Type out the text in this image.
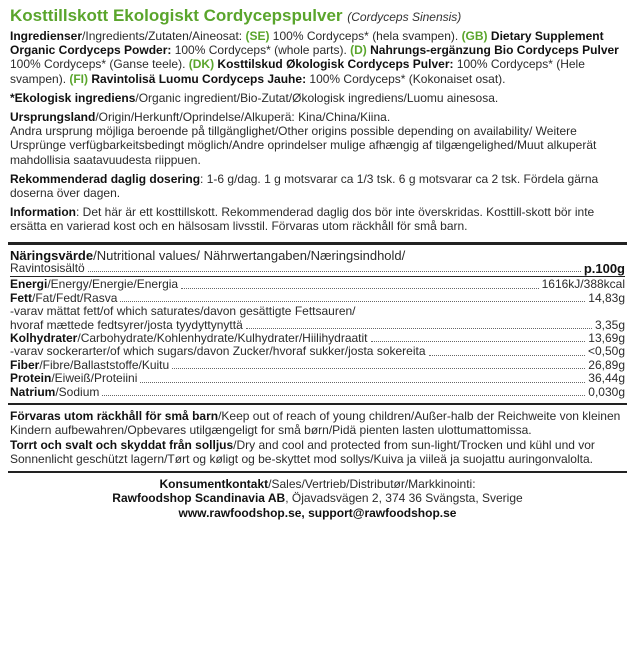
Kosttillskott Ekologiskt Cordycepspulver (Cordyceps Sinensis)

Ingredienser/Ingredients/Zutaten/Aineosat: (SE) 100% Cordyceps* (hela svampen). (GB) Dietary Supplement Organic Cordyceps Powder: 100% Cordyceps* (whole parts). (D) Nahrungs-ergänzung Bio Cordyceps Pulver 100% Cordyceps* (Ganse teele). (DK) Kosttilskud Økologisk Cordyceps Pulver: 100% Cordyceps* (Hele svampen). (FI) Ravintolisä Luomu Cordyceps Jauhe: 100% Cordyceps* (Kokonaiset osat).

*Ekologisk ingrediens/Organic ingredient/Bio-Zutat/Økologisk ingrediens/Luomu ainesosa.

Ursprungsland/Origin/Herkunft/Oprindelse/Alkuperä: Kina/China/Kiina.
Andra ursprung möjliga beroende på tillgänglighet/Other origins possible depending on availability/ Weitere Ursprünge verfügbarkeitsbedingt möglich/Andre oprindelser mulige afhængig af tilgængelighed/Muut alkuperät mahdollisia saatavuudesta riippuen.

Rekommenderad daglig dosering: 1-6 g/dag. 1 g motsvarar ca 1/3 tsk. 6 g motsvarar ca 2 tsk. Fördela gärna doserna över dagen.

Information: Det här är ett kosttillskott. Rekommenderad daglig dos bör inte överskridas. Kosttill-skott bör inte ersätta en varierad kost och en hälsosam livsstil. Förvaras utom räckhåll för små barn.

Näringsvärde/Nutritional values/ Nährwertangaben/Næringsindhold/
Ravintosisältö	p.100g
Energi/Energy/Energie/Energia	1616kJ/388kcal
Fett/Fat/Fedt/Rasva	14,83g
-varav mättat fett/of which saturates/davon gesättigte Fettsauren/
hvoraf mættede fedtsyrer/josta tyydyttynyttä	3,35g
Kolhydrater/Carbohydrate/Kohlenhydrate/Kulhydrater/Hiilihydraatit	13,69g
-varav sockerarter/of which sugars/davon Zucker/hvoraf sukker/josta sokereita	<0,50g
Fiber/Fibre/Ballaststoffe/Kuitu	26,89g
Protein/Eiweiß/Proteiini	36,44g
Natrium/Sodium	0,030g

Förvaras utom räckhåll för små barn/Keep out of reach of young children/Außer-halb der Reichweite von kleinen Kindern aufbewahren/Opbevares utilgængeligt for små børn/Pidä pienten lasten ulottumattomissa.

Torrt och svalt och skyddat från solljus/Dry and cool and protected from sun-light/Trocken und kühl und vor Sonnenlicht geschützt lagern/Tørt og køligt og be-skyttet mod sollys/Kuiva ja viileä ja suojattu auringonvalolta.

Konsumentkontakt/Sales/Vertrieb/Distributør/Markkinointi:
Rawfoodshop Scandinavia AB, Öjavadsvägen 2, 374 36 Svängsta, Sverige
www.rawfoodshop.se, support@rawfoodshop.se
